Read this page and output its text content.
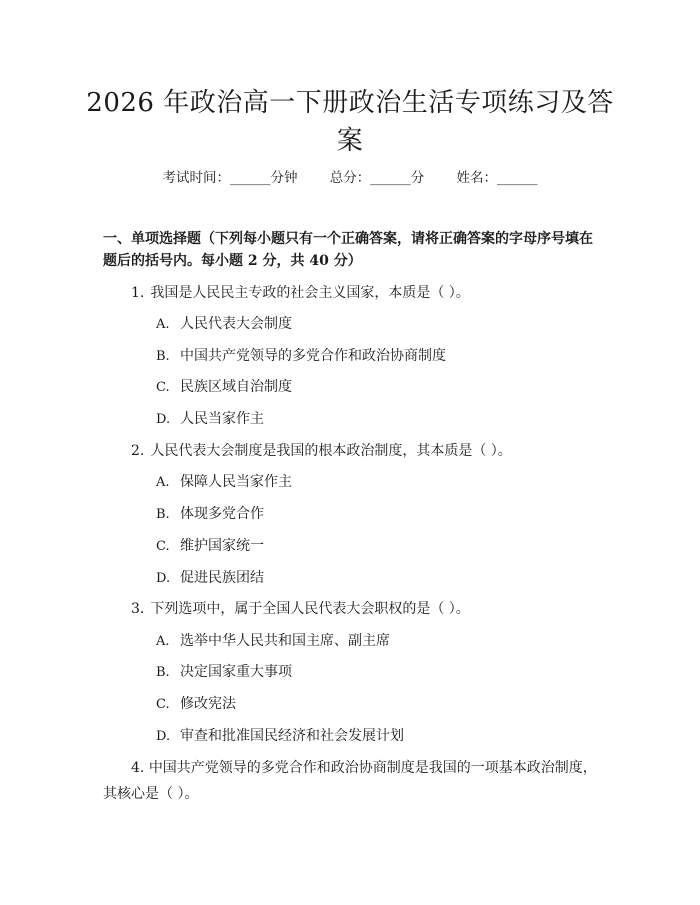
2026 年政治高一下册政治生活专项练习及答案
考试时间：______分钟 总分：______分 姓名：______

一、单项选择题（下列每小题只有一个正确答案，请将正确答案的字母序号填在题后的括号内。每小题 2 分，共 40 分）

1. 我国是人民民主专政的社会主义国家，本质是（ ）。

A. 人民代表大会制度
B. 中国共产党领导的多党合作和政治协商制度
C. 民族区域自治制度
D. 人民当家作主

2. 人民代表大会制度是我国的根本政治制度，其本质是（ ）。

A. 保障人民当家作主
B. 体现多党合作
C. 维护国家统一
D. 促进民族团结

3. 下列选项中，属于全国人民代表大会职权的是（ ）。

A. 选举中华人民共和国主席、副主席
B. 决定国家重大事项
C. 修改宪法
D. 审查和批准国民经济和社会发展计划

4. 中国共产党领导的多党合作和政治协商制度是我国的一项基本政治制度，其核心是（ ）。
